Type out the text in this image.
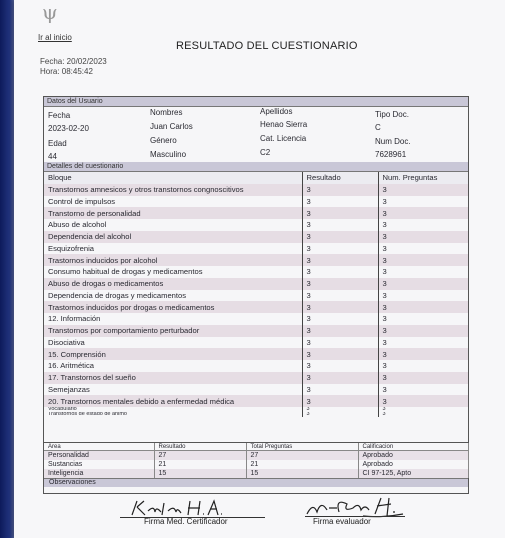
ψ
Ir al inicio
RESULTADO DEL CUESTIONARIO
Fecha: 20/02/2023
Hora: 08:45:42
Datos del Usuario
Fecha	Nombres	Apellidos	Tipo Doc.
2023-02-20	Juan Carlos	Henao Sierra	C
Edad	Género	Cat. Licencia	Num Doc.
44	Masculino	C2	7628961
Detalles del cuestionario
Bloque	Resultado	Num. Preguntas
Transtornos amnesicos y otros transtornos congnoscitivos	3	3
Control de impulsos	3	3
Transtorno de personalidad	3	3
Abuso de alcohol	3	3
Dependencia del alcohol	3	3
Esquizofrenia	3	3
Trastornos inducidos por alcohol	3	3
Consumo habitual de drogas y medicamentos	3	3
Abuso de drogas o medicamentos	3	3
Dependencia de drogas y medicamentos	3	3
Trastornos inducidos por drogas o medicamentos	3	3
12. Información	3	3
Transtornos por comportamiento perturbador	3	3
Disociativa	3	3
15. Comprensión	3	3
16. Aritmética	3	3
17. Transtornos del sueño	3	3
Semejanzas	3	3
20. Transtornos mentales debido a enfermedad médica	3	3
Vocabulario	3	3
Transtornos de estado de animo	3	3
Area	Resultado	Total Preguntas	Calificacion
Personalidad	27	27	Aprobado
Sustancias	21	21	Aprobado
Inteligencia	15	15	CI 97-125, Apto
Observaciones
Firma Med. Certificador	Firma evaluador
